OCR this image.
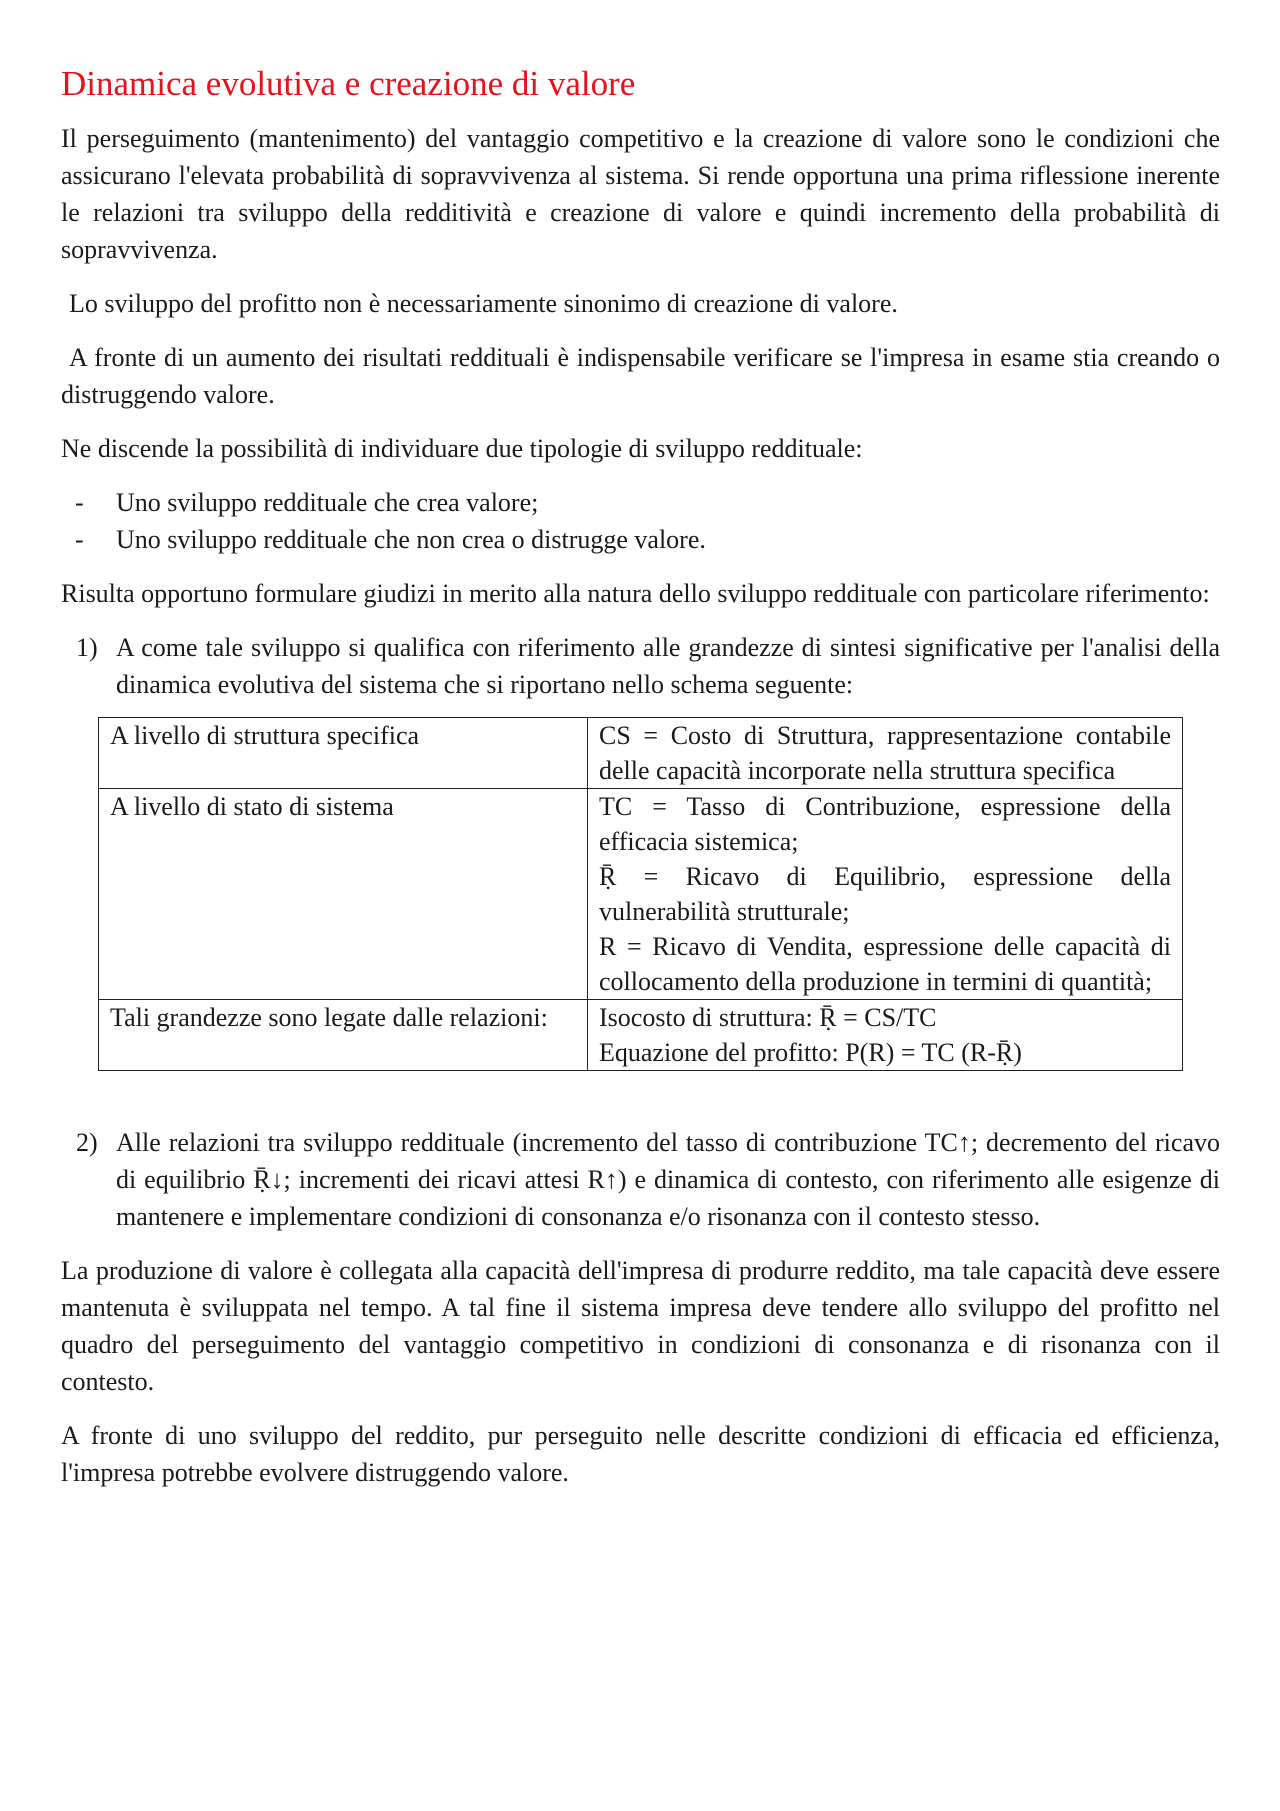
Dinamica evolutiva e creazione di valore

Il perseguimento (mantenimento) del vantaggio competitivo e la creazione di valore sono le condizioni che assicurano l'elevata probabilità di sopravvivenza al sistema. Si rende opportuna una prima riflessione inerente le relazioni tra sviluppo della redditività e creazione di valore e quindi incremento della probabilità di sopravvivenza.

Lo sviluppo del profitto non è necessariamente sinonimo di creazione di valore.

A fronte di un aumento dei risultati reddituali è indispensabile verificare se l'impresa in esame stia creando o distruggendo valore.

Ne discende la possibilità di individuare due tipologie di sviluppo reddituale:

- Uno sviluppo reddituale che crea valore;
- Uno sviluppo reddituale che non crea o distrugge valore.

Risulta opportuno formulare giudizi in merito alla natura dello sviluppo reddituale con particolare riferimento:

1) A come tale sviluppo si qualifica con riferimento alle grandezze di sintesi significative per l'analisi della dinamica evolutiva del sistema che si riportano nello schema seguente:
A livello di struttura specifica	CS = Costo di Struttura, rappresentazione contabile delle capacità incorporate nella struttura specifica

A livello di stato di sistema	TC = Tasso di Contribuzione, espressione della efficacia sistemica;
Ṝ = Ricavo di Equilibrio, espressione della vulnerabilità strutturale;
R = Ricavo di Vendita, espressione delle capacità di collocamento della produzione in termini di quantità;

Tali grandezze sono legate dalle relazioni:	Isocosto di struttura: Ṝ = CS/TC
Equazione del profitto: P(R) = TC (R-Ṝ)
2) Alle relazioni tra sviluppo reddituale (incremento del tasso di contribuzione TC↑; decremento del ricavo di equilibrio Ṝ↓; incrementi dei ricavi attesi R↑) e dinamica di contesto, con riferimento alle esigenze di mantenere e implementare condizioni di consonanza e/o risonanza con il contesto stesso.

La produzione di valore è collegata alla capacità dell'impresa di produrre reddito, ma tale capacità deve essere mantenuta è sviluppata nel tempo. A tal fine il sistema impresa deve tendere allo sviluppo del profitto nel quadro del perseguimento del vantaggio competitivo in condizioni di consonanza e di risonanza con il contesto.

A fronte di uno sviluppo del reddito, pur perseguito nelle descritte condizioni di efficacia ed efficienza, l'impresa potrebbe evolvere distruggendo valore.
